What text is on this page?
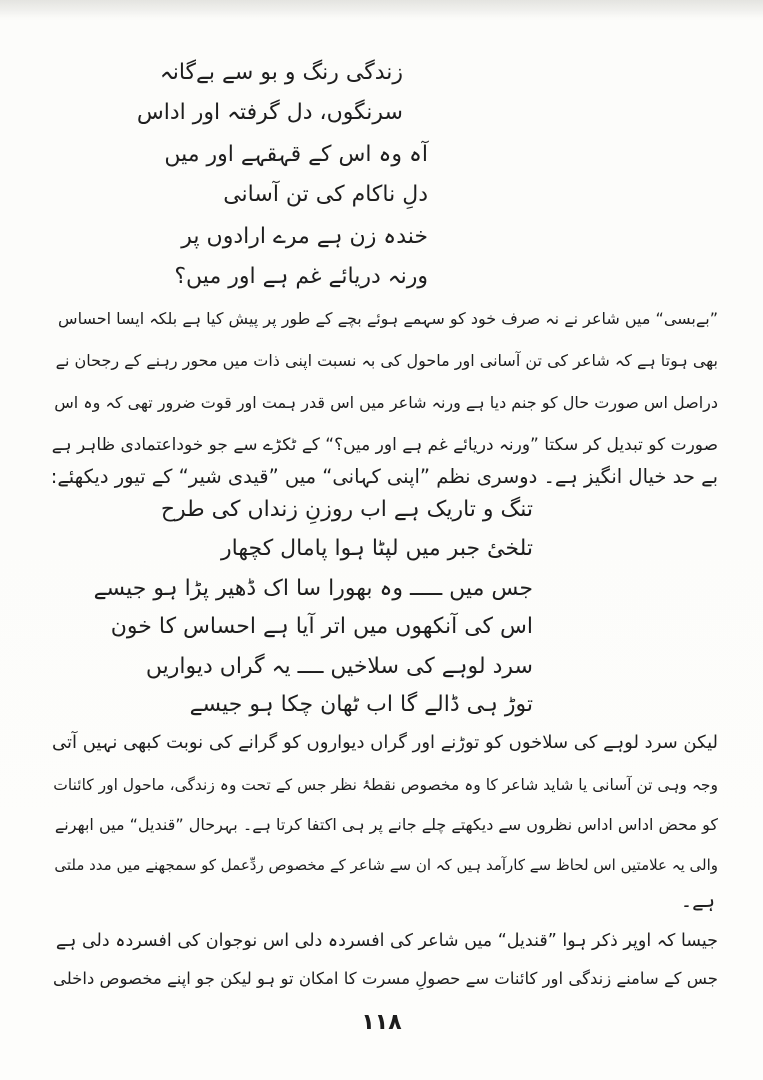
زندگی رنگ و بو سے بےگانہ
سرنگوں، دل گرفتہ اور اداس
آہ وہ اس کے قہقہے اور میں
دلِ ناکام کی تن آسانی
خندہ زن ہے مرے ارادوں پر
ورنہ دریائے غم ہے اور میں؟
”بےبسی“ میں شاعر نے نہ صرف خود کو سہمے ہوئے بچے کے طور پر پیش کیا ہے بلکہ ایسا احساس
بھی ہوتا ہے کہ شاعر کی تن آسانی اور ماحول کی بہ نسبت اپنی ذات میں محور رہنے کے رجحان نے
دراصل اس صورت حال کو جنم دیا ہے ورنہ شاعر میں اس قدر ہمت اور قوت ضرور تھی کہ وہ اس
صورت کو تبدیل کر سکتا ”ورنہ دریائے غم ہے اور میں؟“ کے ٹکڑے سے جو خوداعتمادی ظاہر ہے
بے حد خیال انگیز ہے۔ دوسری نظم ”اپنی کہانی“ میں ”قیدی شیر“ کے تیور دیکھئے:
تنگ و تاریک ہے اب روزنِ زنداں کی طرح
تلخیٔ جبر میں لپٹا ہوا پامال کچھار
جس میں ـــــ وہ بھورا سا اک ڈھیر پڑا ہو جیسے
اس کی آنکھوں میں اتر آیا ہے احساس کا خون
سرد لوہے کی سلاخیں ــــ یہ گراں دیواریں
توڑ ہی ڈالے گا اب ٹھان چکا ہو جیسے
لیکن سرد لوہے کی سلاخوں کو توڑنے اور گراں دیواروں کو گرانے کی نوبت کبھی نہیں آتی
وجہ وہی تن آسانی یا شاید شاعر کا وہ مخصوص نقطۂ نظر جس کے تحت وہ زندگی، ماحول اور کائنات
کو محض اداس اداس نظروں سے دیکھتے چلے جانے پر ہی اکتفا کرتا ہے۔ بہرحال ”قندیل“ میں ابھرنے
والی یہ علامتیں اس لحاظ سے کارآمد ہیں کہ ان سے شاعر کے مخصوص ردِّعمل کو سمجھنے میں مدد ملتی
ہے۔
جیسا کہ اوپر ذکر ہوا ”قندیل“ میں شاعر کی افسردہ دلی اس نوجوان کی افسردہ دلی ہے
جس کے سامنے زندگی اور کائنات سے حصولِ مسرت کا امکان تو ہو لیکن جو اپنے مخصوص داخلی
۱۱۸
